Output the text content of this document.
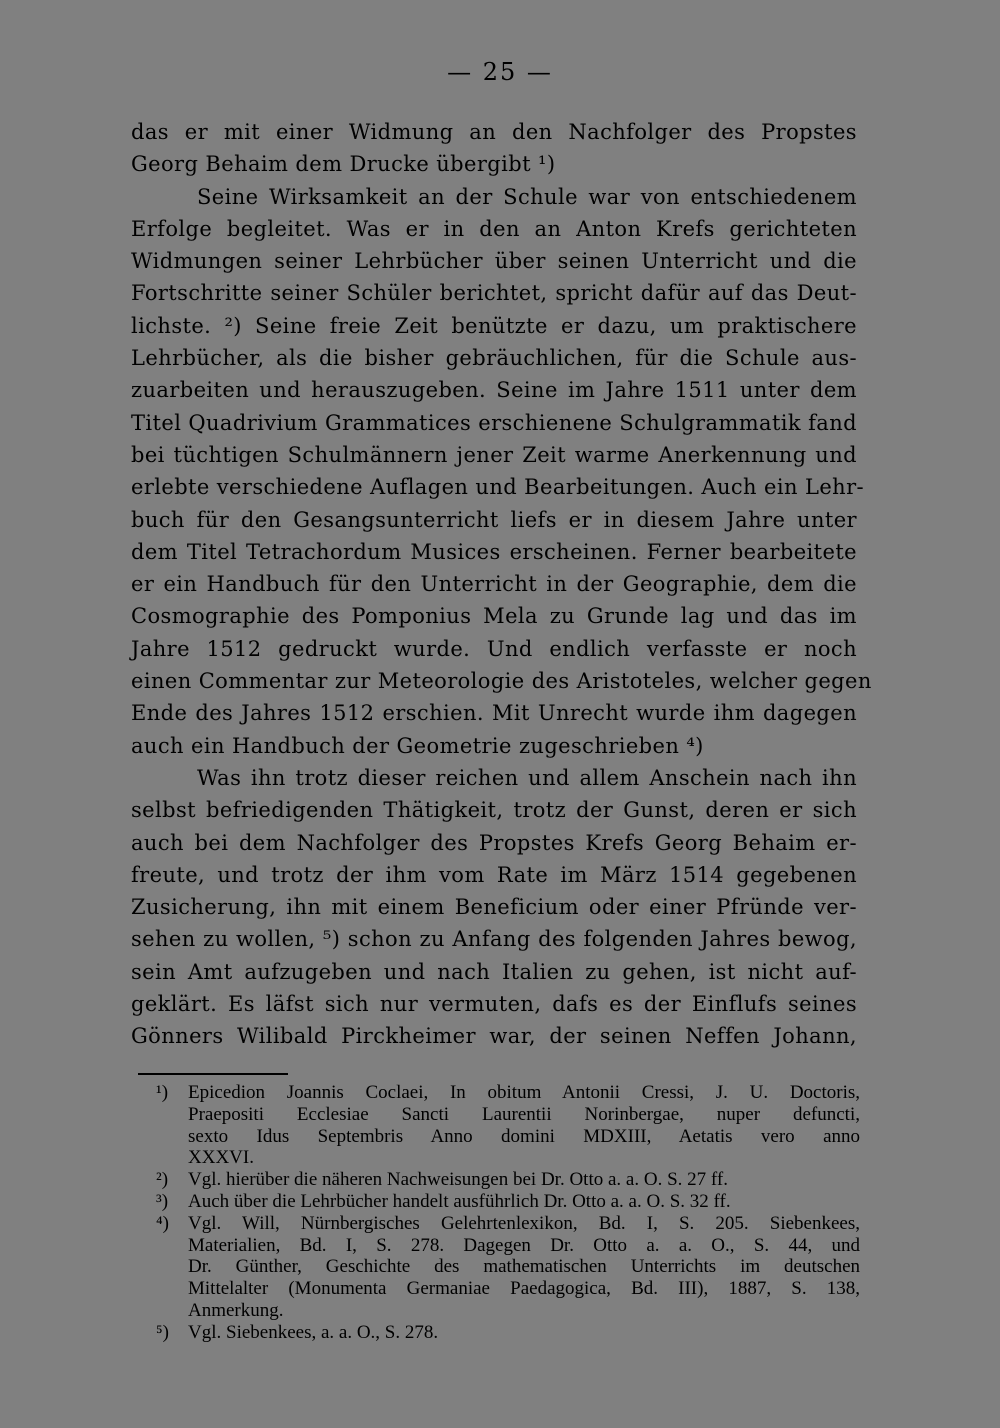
— 25 —
das er mit einer Widmung an den Nachfolger des Propstes
Georg Behaim dem Drucke übergibt ¹)
Seine Wirksamkeit an der Schule war von entschiedenem
Erfolge begleitet. Was er in den an Anton Krefs gerichteten
Widmungen seiner Lehrbücher über seinen Unterricht und die
Fortschritte seiner Schüler berichtet, spricht dafür auf das Deut-
lichste. ²) Seine freie Zeit benützte er dazu, um praktischere
Lehrbücher, als die bisher gebräuchlichen, für die Schule aus-
zuarbeiten und herauszugeben. Seine im Jahre 1511 unter dem
Titel Quadrivium Grammatices erschienene Schulgrammatik fand
bei tüchtigen Schulmännern jener Zeit warme Anerkennung und
erlebte verschiedene Auflagen und Bearbeitungen. Auch ein Lehr-
buch für den Gesangsunterricht liefs er in diesem Jahre unter
dem Titel Tetrachordum Musices erscheinen. Ferner bearbeitete
er ein Handbuch für den Unterricht in der Geographie, dem die
Cosmographie des Pomponius Mela zu Grunde lag und das im
Jahre 1512 gedruckt wurde. Und endlich verfasste er noch
einen Commentar zur Meteorologie des Aristoteles, welcher gegen
Ende des Jahres 1512 erschien. Mit Unrecht wurde ihm dagegen
auch ein Handbuch der Geometrie zugeschrieben ⁴)
Was ihn trotz dieser reichen und allem Anschein nach ihn
selbst befriedigenden Thätigkeit, trotz der Gunst, deren er sich
auch bei dem Nachfolger des Propstes Krefs Georg Behaim er-
freute, und trotz der ihm vom Rate im März 1514 gegebenen
Zusicherung, ihn mit einem Beneficium oder einer Pfründe ver-
sehen zu wollen, ⁵) schon zu Anfang des folgenden Jahres bewog,
sein Amt aufzugeben und nach Italien zu gehen, ist nicht auf-
geklärt. Es läfst sich nur vermuten, dafs es der Einflufs seines
Gönners Wilibald Pirckheimer war, der seinen Neffen Johann,
¹) Epicedion Joannis Coclaei, In obitum Antonii Cressi, J. U. Doctoris,
Praepositi Ecclesiae Sancti Laurentii Norinbergae, nuper defuncti,
sexto Idus Septembris Anno domini MDXIII, Aetatis vero anno
XXXVI.
²) Vgl. hierüber die näheren Nachweisungen bei Dr. Otto a. a. O. S. 27 ff.
³) Auch über die Lehrbücher handelt ausführlich Dr. Otto a. a. O. S. 32 ff.
⁴) Vgl. Will, Nürnbergisches Gelehrtenlexikon, Bd. I, S. 205. Siebenkees,
Materialien, Bd. I, S. 278. Dagegen Dr. Otto a. a. O., S. 44, und
Dr. Günther, Geschichte des mathematischen Unterrichts im deutschen
Mittelalter (Monumenta Germaniae Paedagogica, Bd. III), 1887, S. 138,
Anmerkung.
⁵) Vgl. Siebenkees, a. a. O., S. 278.
